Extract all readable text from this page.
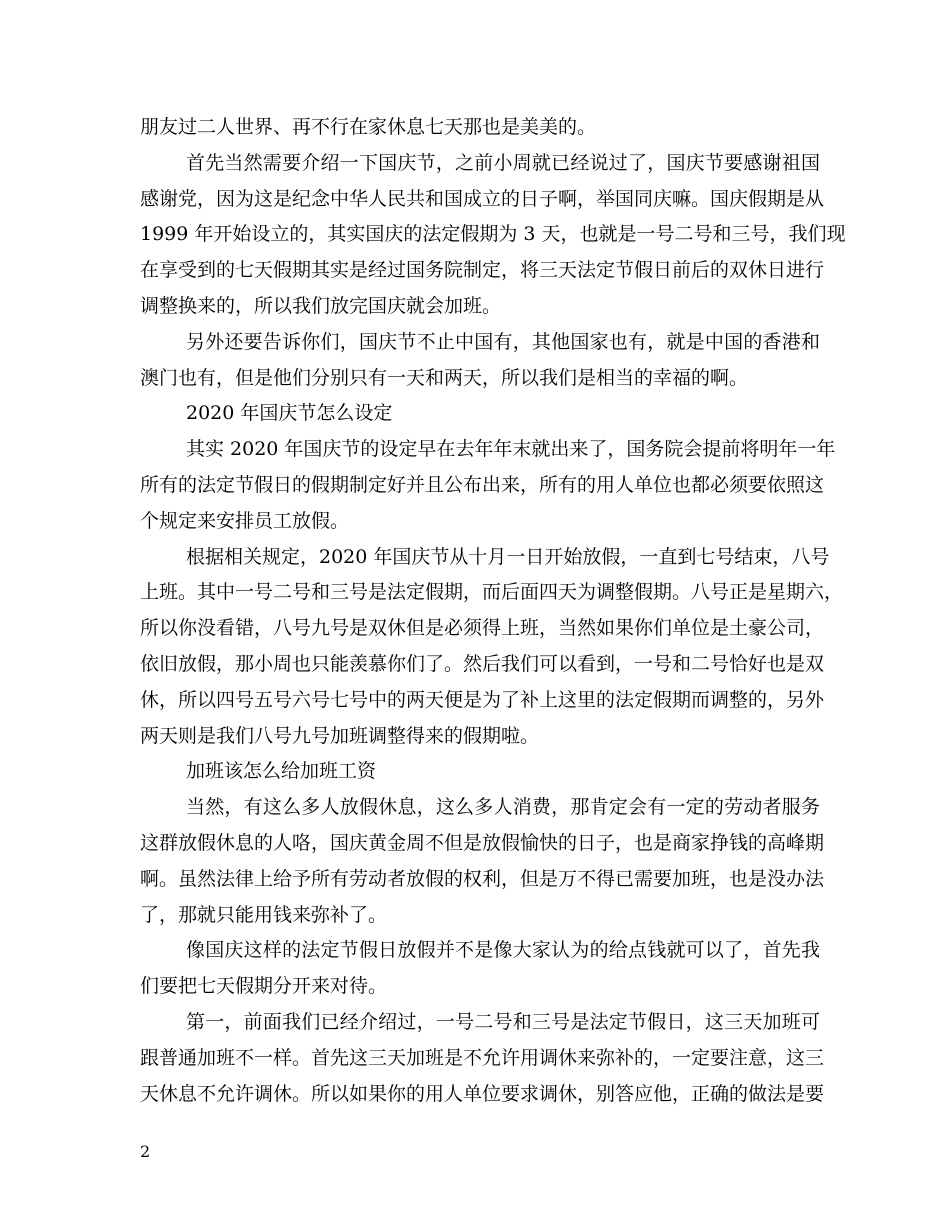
朋友过二人世界、再不行在家休息七天那也是美美的。
首先当然需要介绍一下国庆节，之前小周就已经说过了，国庆节要感谢祖国
感谢党，因为这是纪念中华人民共和国成立的日子啊，举国同庆嘛。国庆假期是从
1999 年开始设立的，其实国庆的法定假期为 3 天，也就是一号二号和三号，我们现
在享受到的七天假期其实是经过国务院制定，将三天法定节假日前后的双休日进行
调整换来的，所以我们放完国庆就会加班。
另外还要告诉你们，国庆节不止中国有，其他国家也有，就是中国的香港和
澳门也有，但是他们分别只有一天和两天，所以我们是相当的幸福的啊。
2020 年国庆节怎么设定
其实 2020 年国庆节的设定早在去年年末就出来了，国务院会提前将明年一年
所有的法定节假日的假期制定好并且公布出来，所有的用人单位也都必须要依照这
个规定来安排员工放假。
根据相关规定，2020 年国庆节从十月一日开始放假，一直到七号结束，八号
上班。其中一号二号和三号是法定假期，而后面四天为调整假期。八号正是星期六，
所以你没看错，八号九号是双休但是必须得上班，当然如果你们单位是土豪公司，
依旧放假，那小周也只能羡慕你们了。然后我们可以看到，一号和二号恰好也是双
休，所以四号五号六号七号中的两天便是为了补上这里的法定假期而调整的，另外
两天则是我们八号九号加班调整得来的假期啦。
加班该怎么给加班工资
当然，有这么多人放假休息，这么多人消费，那肯定会有一定的劳动者服务
这群放假休息的人咯，国庆黄金周不但是放假愉快的日子，也是商家挣钱的高峰期
啊。虽然法律上给予所有劳动者放假的权利，但是万不得已需要加班，也是没办法
了，那就只能用钱来弥补了。
像国庆这样的法定节假日放假并不是像大家认为的给点钱就可以了，首先我
们要把七天假期分开来对待。
第一，前面我们已经介绍过，一号二号和三号是法定节假日，这三天加班可
跟普通加班不一样。首先这三天加班是不允许用调休来弥补的，一定要注意，这三
天休息不允许调休。所以如果你的用人单位要求调休，别答应他，正确的做法是要
2
